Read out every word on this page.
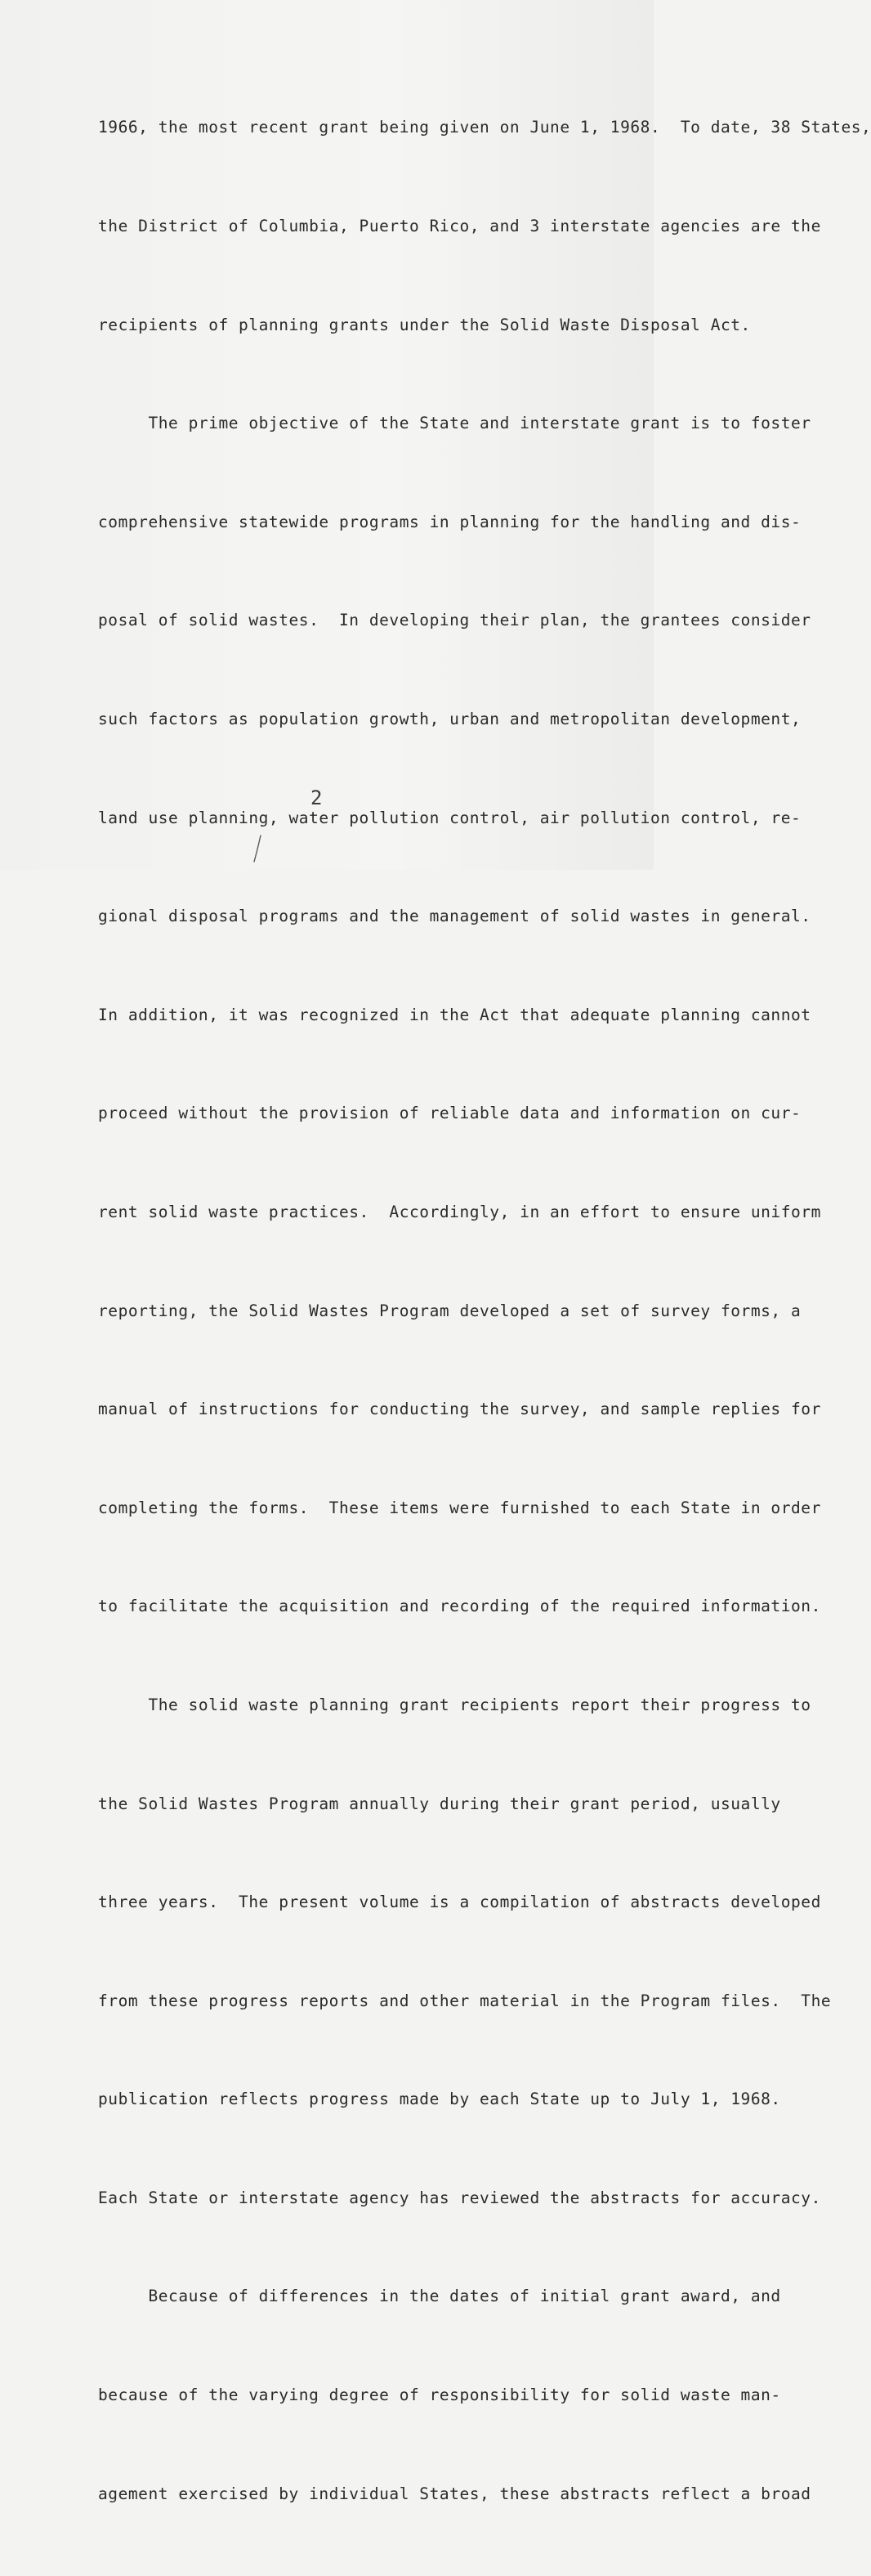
1966, the most recent grant being given on June 1, 1968.  To date, 38 States,

the District of Columbia, Puerto Rico, and 3 interstate agencies are the

recipients of planning grants under the Solid Waste Disposal Act.

The prime objective of the State and interstate grant is to foster

comprehensive statewide programs in planning for the handling and dis-

posal of solid wastes.  In developing their plan, the grantees consider

such factors as population growth, urban and metropolitan development,

land use planning, water pollution control, air pollution control, re-

gional disposal programs and the management of solid wastes in general.

In addition, it was recognized in the Act that adequate planning cannot

proceed without the provision of reliable data and information on cur-

rent solid waste practices.  Accordingly, in an effort to ensure uniform

reporting, the Solid Wastes Program developed a set of survey forms, a

manual of instructions for conducting the survey, and sample replies for

completing the forms.  These items were furnished to each State in order

to facilitate the acquisition and recording of the required information.

The solid waste planning grant recipients report their progress to

the Solid Wastes Program annually during their grant period, usually

three years.  The present volume is a compilation of abstracts developed

from these progress reports and other material in the Program files.  The

publication reflects progress made by each State up to July 1, 1968.

Each State or interstate agency has reviewed the abstracts for accuracy.

Because of differences in the dates of initial grant award, and

because of the varying degree of responsibility for solid waste man-

agement exercised by individual States, these abstracts reflect a broad

2
